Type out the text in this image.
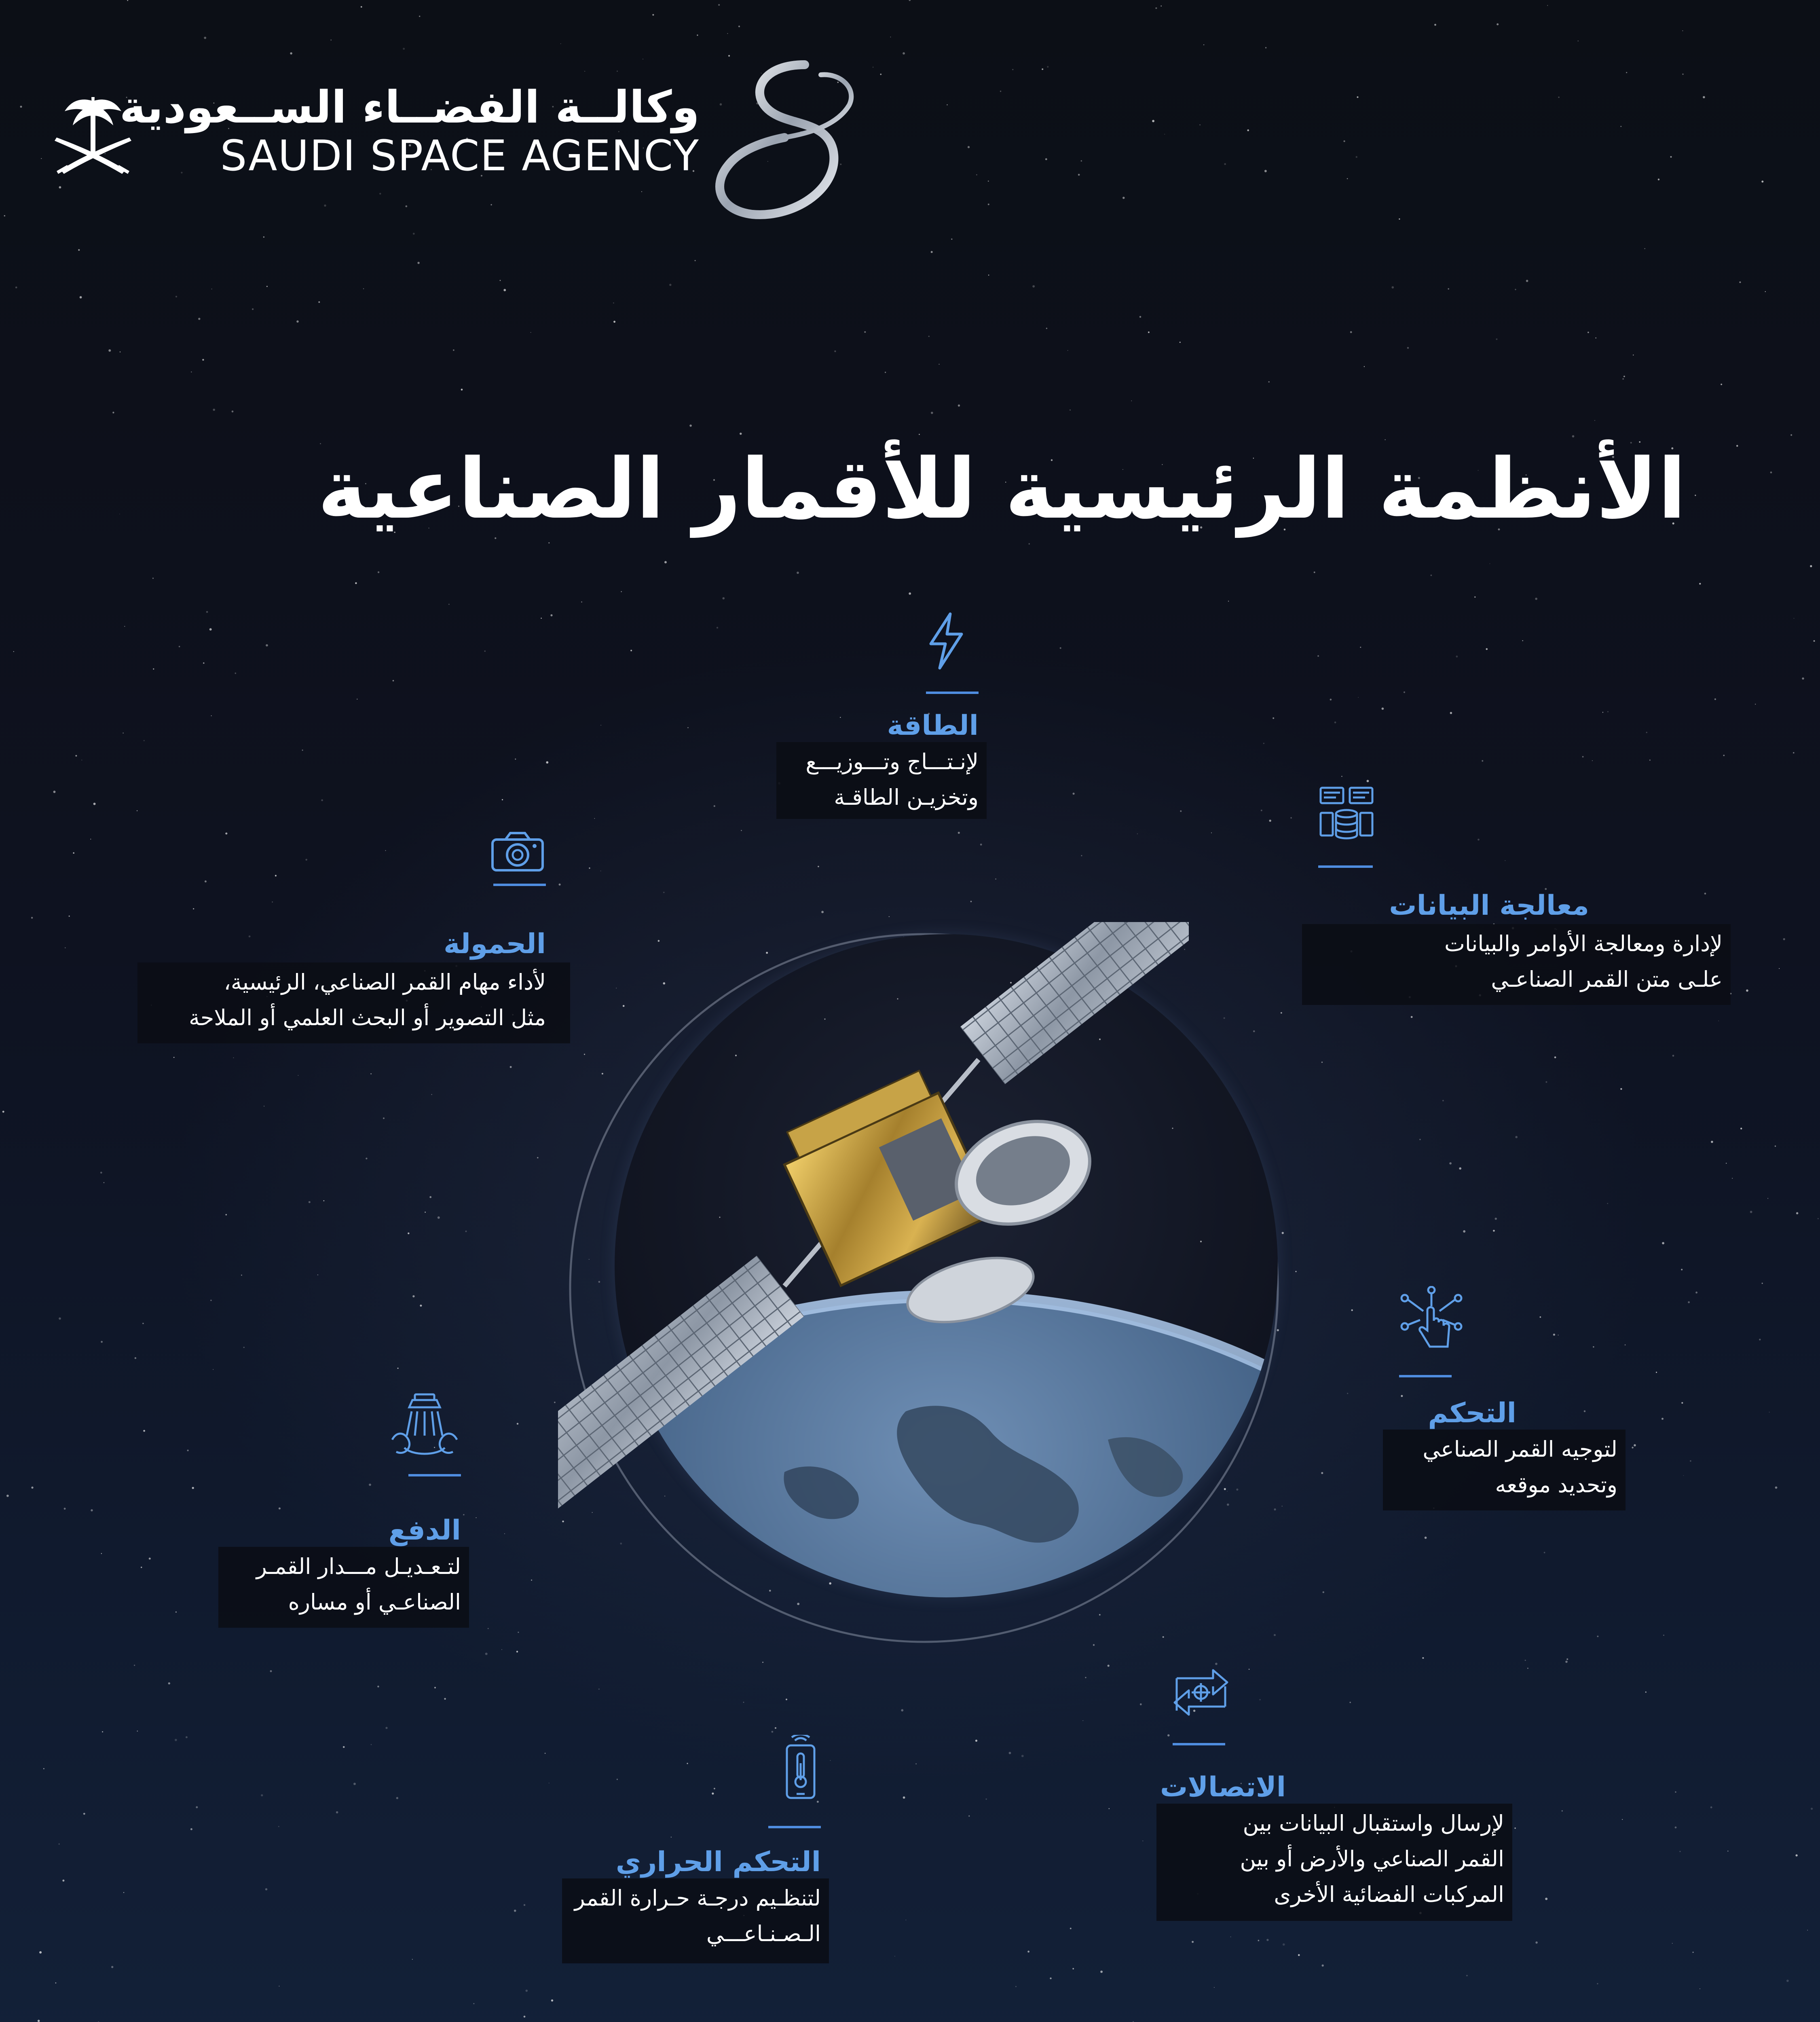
وكالــة الفضــاء الســعودية
SAUDI SPACE AGENCY
الأنظمة الرئيسية للأقمار الصناعية
الطاقة
لإنـتـــاج وتـــوزيـــع
وتخزيـن الطاقـة
الحمولة
لأداء مهام القمر الصناعي، الرئيسية،
مثل التصوير أو البحث العلمي أو الملاحة
معالجة البيانات
لإدارة ومعالجة الأوامر والبيانات
علـى متن القمر الصناعـي
التحكم
لتوجيه القمر الصناعي
وتحديد موقعه
الدفع
لتـعـديـل مـــدار القمـر
الصناعـي أو مساره
الاتصالات
لإرسال واستقبال البيانات بين
القمر الصناعي والأرض أو بين
المركبات الفضائية الأخرى
التحكم الحراري
لتنظـيم درجـة حـرارة القمر
الـصـنـاعـــي
